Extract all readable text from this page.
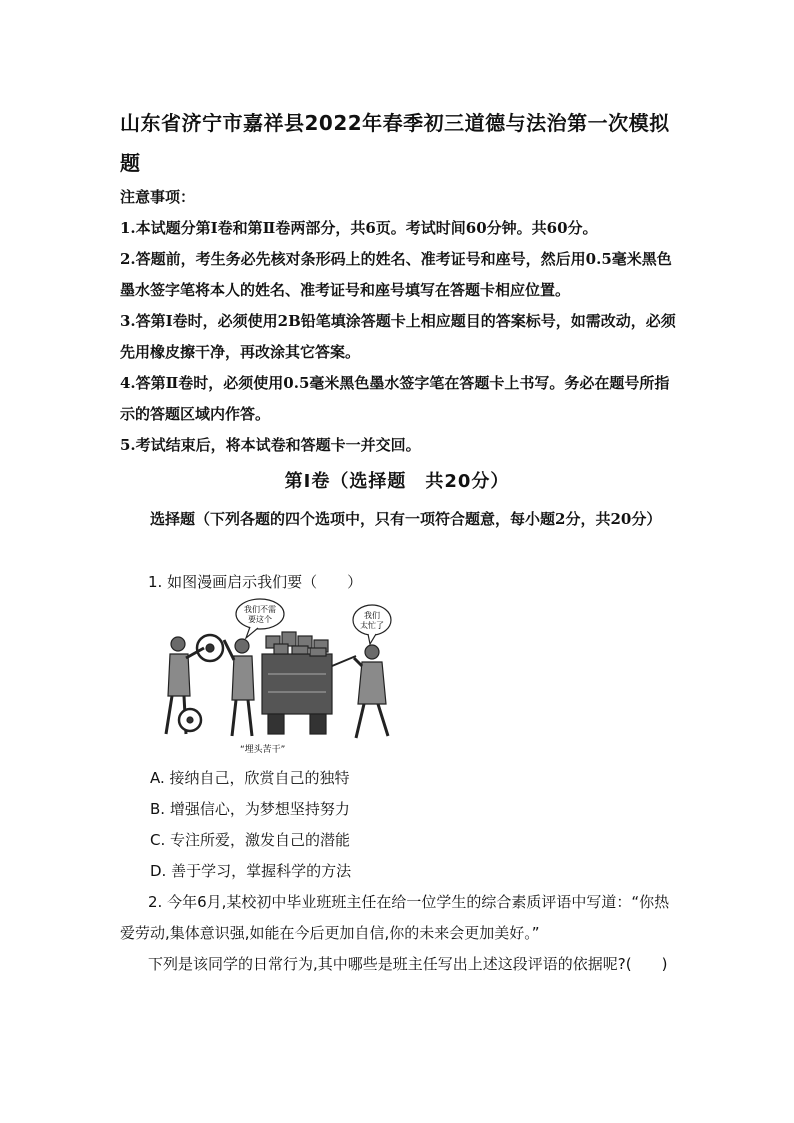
山东省济宁市嘉祥县2022年春季初三道德与法治第一次模拟题
注意事项：
1.本试题分第Ⅰ卷和第Ⅱ卷两部分，共6页。考试时间60分钟。共60分。
2.答题前，考生务必先核对条形码上的姓名、准考证号和座号，然后用0.5毫米黑色墨水签字笔将本人的姓名、准考证号和座号填写在答题卡相应位置。
3.答第Ⅰ卷时，必须使用2B铅笔填涂答题卡上相应题目的答案标号，如需改动，必须先用橡皮擦干净，再改涂其它答案。
4.答第Ⅱ卷时，必须使用0.5毫米黑色墨水签字笔在答题卡上书写。务必在题号所指示的答题区域内作答。
5.考试结束后，将本试卷和答题卡一并交回。
第Ⅰ卷（选择题　共20分）
选择题（下列各题的四个选项中，只有一项符合题意，每小题2分，共20分）
1. 如图漫画启示我们要（　　）
我们不需
要这个	我们
太忙了
“埋头苦干”
A. 接纳自己，欣赏自己的独特
B. 增强信心，为梦想坚持努力
C. 专注所爱，激发自己的潜能
D. 善于学习，掌握科学的方法
2. 今年6月,某校初中毕业班班主任在给一位学生的综合素质评语中写道：“你热爱劳动,集体意识强,如能在今后更加自信,你的未来会更加美好。”
下列是该同学的日常行为,其中哪些是班主任写出上述这段评语的依据呢?(　　)
